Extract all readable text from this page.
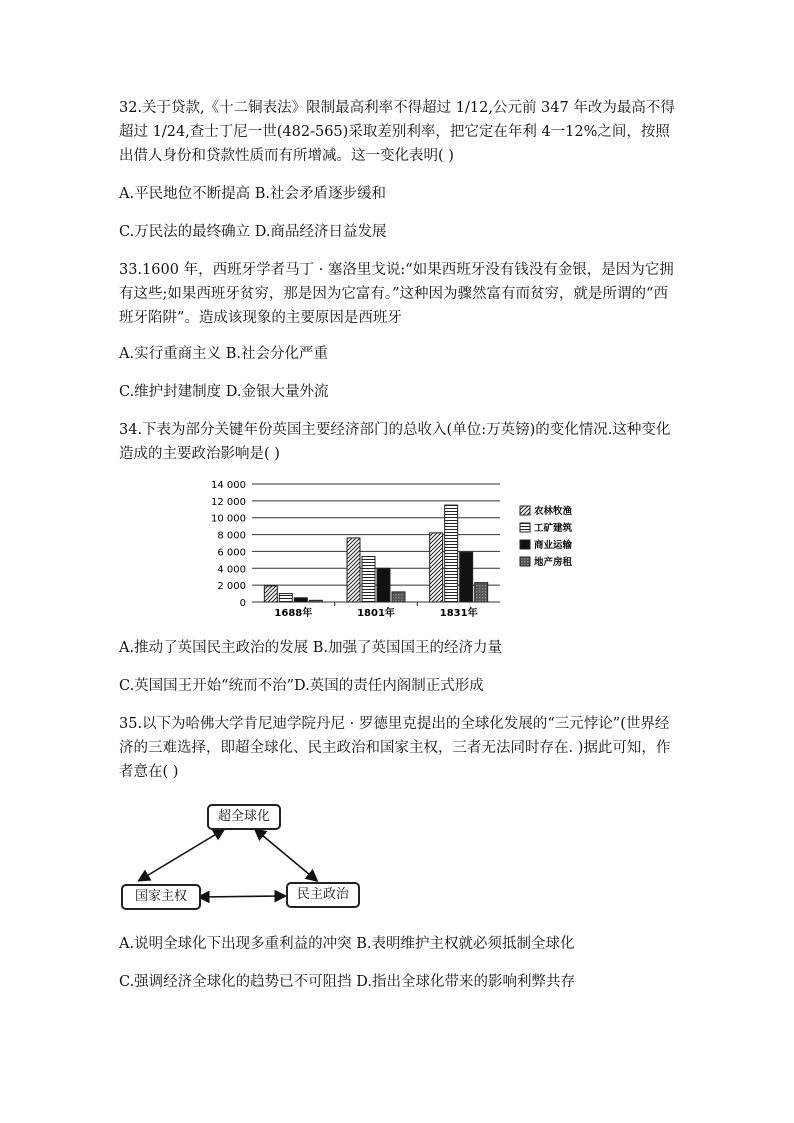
32.关于贷款,《十二铜表法》限制最高利率不得超过 1/12,公元前 347 年改为最高不得超过 1/24,查士丁尼一世(482-565)采取差别利率，把它定在年利 4一12%之间，按照出借人身份和贷款性质而有所增减。这一变化表明( )
A.平民地位不断提高 B.社会矛盾逐步缓和
C.万民法的最终确立 D.商品经济日益发展
33.1600 年，西班牙学者马丁 · 塞洛里戈说:“如果西班牙没有钱没有金银，是因为它拥有这些;如果西班牙贫穷，那是因为它富有。”这种因为骤然富有而贫穷，就是所谓的“西班牙陷阱”。造成该现象的主要原因是西班牙
A.实行重商主义 B.社会分化严重
C.维护封建制度 D.金银大量外流
34.下表为部分关键年份英国主要经济部门的总收入(单位:万英镑)的变化情况.这种变化造成的主要政治影响是( )
0
2 000
4 000
6 000
8 000
10 000
12 000
14 000
1688年	1801年	1831年
农林牧渔
工矿建筑
商业运输
地产房租
A.推动了英国民主政治的发展 B.加强了英国国王的经济力量
C.英国国王开始“统而不治”D.英国的责任内阁制正式形成
35.以下为哈佛大学肯尼迪学院丹尼 · 罗德里克提出的全球化发展的“三元悖论”(世界经济的三难选择，即超全球化、民主政治和国家主权，三者无法同时存在. )据此可知，作者意在( )
超全球化
国家主权	民主政治
A.说明全球化下出现多重利益的冲突 B.表明维护主权就必须抵制全球化
C.强调经济全球化的趋势已不可阻挡 D.指出全球化带来的影响利弊共存
